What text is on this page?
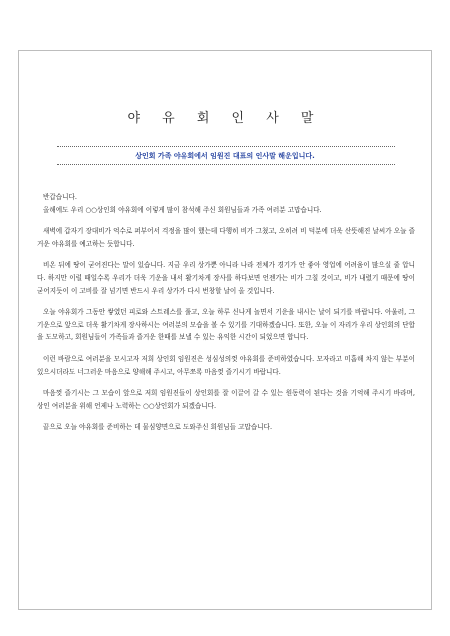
야 유 회 인 사 말
상인회 가족 야유회에서 임원진 대표의 인사말 해운입니다.

반갑습니다.

올해에도 우리 ○○상인회 야유회에 이렇게 많이 참석해 주신 회원님들과 가족 여러분 고맙습니다.

새벽에 갑자기 장대비가 억수로 퍼부어서 걱정을 많이 했는데 다행히 비가 그쳤고, 오히려 비 덕분에 더욱 산뜻해진 날씨가 오늘 즐거운 야유회를 예고하는 듯합니다.

비온 뒤에 땅이 굳어진다는 말이 있습니다. 지금 우리 상가뿐 아니라 나라 전체가 경기가 안 좋아 영업에 어려움이 많으실 줄 압니다. 하지만 이럴 때일수록 우리가 더욱 기운을 내서 활기차게 장사를 하다보면 언젠가는 비가 그칠 것이고, 비가 내렸기 때문에 땅이 굳어지듯이 이 고비를 잘 넘기면 반드시 우리 상가가 다시 번창할 날이 올 것입니다.

오늘 야유회가 그동안 쌓였던 피로와 스트레스를 풀고, 오늘 하루 신나게 놀면서 기운을 내시는 날이 되기를 바랍니다. 아울러, 그 기운으로 앞으로 더욱 활기차게 장사하시는 여러분의 모습을 볼 수 있기를 기대하겠습니다. 또한, 오늘 이 자리가 우리 상인회의 단합을 도모하고, 회원님들이 가족들과 즐거운 한때를 보낼 수 있는 유익한 시간이 되었으면 합니다.

이런 바람으로 여러분을 모시고자 저희 상인회 임원진은 성심성의껏 야유회를 준비하였습니다. 모자라고 미흡해 차지 않는 부분이 있으시더라도 너그러운 마음으로 양해해 주시고, 아무쪼록 마음껏 즐기시기 바랍니다.

마음껏 즐기시는 그 모습이 앞으로 저희 임원진들이 상인회를 잘 이끌어 갈 수 있는 원동력이 된다는 것을 기억해 주시기 바라며, 상인 여러분을 위해 언제나 노력하는 ○○상인회가 되겠습니다.

끝으로 오늘 야유회를 준비하는 데 물심양면으로 도와주신 회원님들 고맙습니다.
